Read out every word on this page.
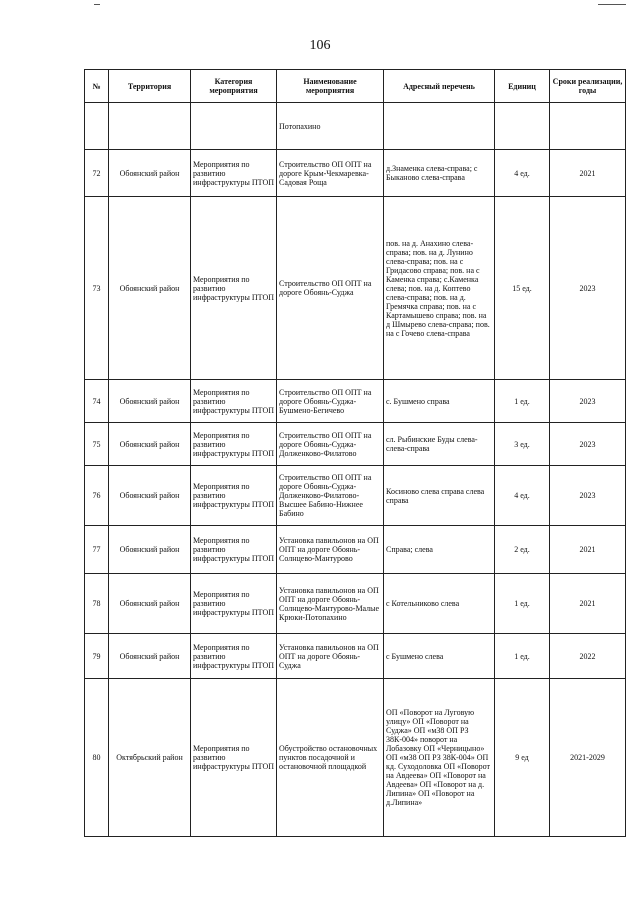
106
№	Территория	Категория мероприятия	Наименование мероприятия	Адресный перечень	Единиц	Сроки реализации, годы
			Потопахино			
72	Обоянский район	Мероприятия по развитию инфраструктуры ПТОП	Строительство ОП ОПТ на дороге Крым-Чекмаревка-Садовая Роща	д.Знаменка слева-справа; с Быканово слева-справа	4 ед.	2021
73	Обоянский район	Мероприятия по развитию инфраструктуры ПТОП	Строительство ОП ОПТ на дороге Обоянь-Суджа	пов. на д. Анахино слева-справа; пов. на д. Лунино слева-справа; пов. на с Гридасово справа; пов. на с Каменка справа; с.Каменка слева; пов. на д. Коптево слева-справа; пов. на д. Гремячка справа; пов. на с Картамышево справа; пов. на д Шмырево слева-справа; пов. на с Гочево слева-справа	15 ед.	2023
74	Обоянский район	Мероприятия по развитию инфраструктуры ПТОП	Строительство ОП ОПТ на дороге Обоянь-Суджа-Бушмено-Бегичево	с. Бушмено справа	1 ед.	2023
75	Обоянский район	Мероприятия по развитию инфраструктуры ПТОП	Строительство ОП ОПТ на дороге Обоянь-Суджа-Долженково-Филатово	сл. Рыбинские Буды слева-слева-справа	3 ед.	2023
76	Обоянский район	Мероприятия по развитию инфраструктуры ПТОП	Строительство ОП ОПТ на дороге Обоянь-Суджа-Долженково-Филатово-Высшее Бабино-Нижнее Бабино	Косиново слева справа слева справа	4 ед.	2023
77	Обоянский район	Мероприятия по развитию инфраструктуры ПТОП	Установка павильонов на ОП ОПТ на дороге Обоянь-Солнцево-Мантурово	Справа; слева	2 ед.	2021
78	Обоянский район	Мероприятия по развитию инфраструктуры ПТОП	Установка павильонов на ОП ОПТ на дороге Обоянь-Солнцево-Мантурово-Малые Крюки-Потопахино	с Котельниково слева	1 ед.	2021
79	Обоянский район	Мероприятия по развитию инфраструктуры ПТОП	Установка павильонов на ОП ОПТ на дороге Обоянь-Суджа	с Бушмено слева	1 ед.	2022
80	Октябрьский район	Мероприятия по развитию инфраструктуры ПТОП	Обустройство остановочных пунктов посадочной и остановочной площадкой	ОП «Поворот на Луговую улицу» ОП «Поворот на Суджа» ОП «м38 ОП РЗ 38К-004» поворот на Лобазовку ОП «Черницыно» ОП «м38 ОП РЗ 38К-004» ОП кд. Суходоловка ОП «Поворот на Авдеева» ОП «Поворот на Авдеева» ОП «Поворот на д. Липина» ОП «Поворот на д.Липина»	9 ед	2021-2029
